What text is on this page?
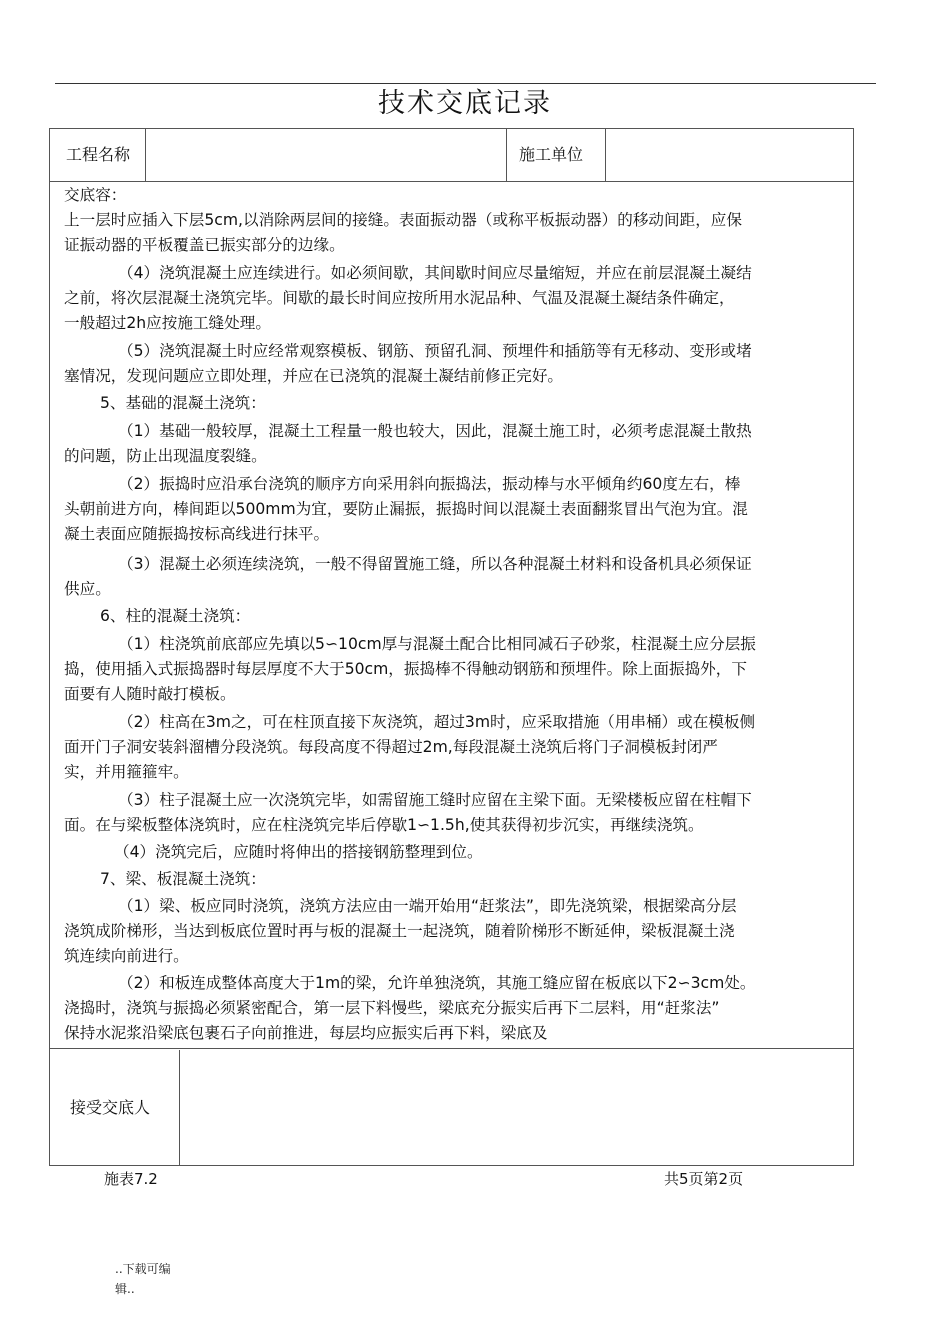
技术交底记录
工程名称	施工单位
交底容：
上一层时应插入下层5cm,以消除两层间的接缝。表面振动器（或称平板振动器）的移动间距，应保
证振动器的平板覆盖已振实部分的边缘。
（4）浇筑混凝土应连续进行。如必须间歇，其间歇时间应尽量缩短，并应在前层混凝土凝结
之前，将次层混凝土浇筑完毕。间歇的最长时间应按所用水泥品种、气温及混凝土凝结条件确定，
一般超过2h应按施工缝处理。
（5）浇筑混凝土时应经常观察模板、钢筋、预留孔洞、预埋件和插筋等有无移动、变形或堵
塞情况，发现问题应立即处理，并应在已浇筑的混凝土凝结前修正完好。
5、基础的混凝土浇筑：
（1）基础一般较厚，混凝土工程量一般也较大，因此，混凝土施工时，必须考虑混凝土散热
的问题，防止出现温度裂缝。
（2）振捣时应沿承台浇筑的顺序方向采用斜向振捣法，振动棒与水平倾角约60度左右，棒
头朝前进方向，棒间距以500mm为宜，要防止漏振，振捣时间以混凝土表面翻浆冒出气泡为宜。混
凝土表面应随振捣按标高线进行抹平。
（3）混凝土必须连续浇筑，一般不得留置施工缝，所以各种混凝土材料和设备机具必须保证
供应。
6、柱的混凝土浇筑：
（1）柱浇筑前底部应先填以5∽10cm厚与混凝土配合比相同减石子砂浆，柱混凝土应分层振
捣，使用插入式振捣器时每层厚度不大于50cm，振捣棒不得触动钢筋和预埋件。除上面振捣外，下
面要有人随时敲打模板。
（2）柱高在3m之，可在柱顶直接下灰浇筑，超过3m时，应采取措施（用串桶）或在模板侧
面开门子洞安装斜溜槽分段浇筑。每段高度不得超过2m,每段混凝土浇筑后将门子洞模板封闭严
实，并用箍箍牢。
（3）柱子混凝土应一次浇筑完毕，如需留施工缝时应留在主梁下面。无梁楼板应留在柱帽下
面。在与梁板整体浇筑时，应在柱浇筑完毕后停歇1∽1.5h,使其获得初步沉实，再继续浇筑。
（4）浇筑完后，应随时将伸出的搭接钢筋整理到位。
7、梁、板混凝土浇筑：
（1）梁、板应同时浇筑，浇筑方法应由一端开始用“赶浆法”，即先浇筑梁，根据梁高分层
浇筑成阶梯形，当达到板底位置时再与板的混凝土一起浇筑，随着阶梯形不断延伸，梁板混凝土浇
筑连续向前进行。
（2）和板连成整体高度大于1m的梁，允许单独浇筑，其施工缝应留在板底以下2∽3cm处。
浇捣时，浇筑与振捣必须紧密配合，第一层下料慢些，梁底充分振实后再下二层料，用“赶浆法”
保持水泥浆沿梁底包裹石子向前推进，每层均应振实后再下料，梁底及
接受交底人
施表7.2	共5页第2页
..下载可编
辑..
